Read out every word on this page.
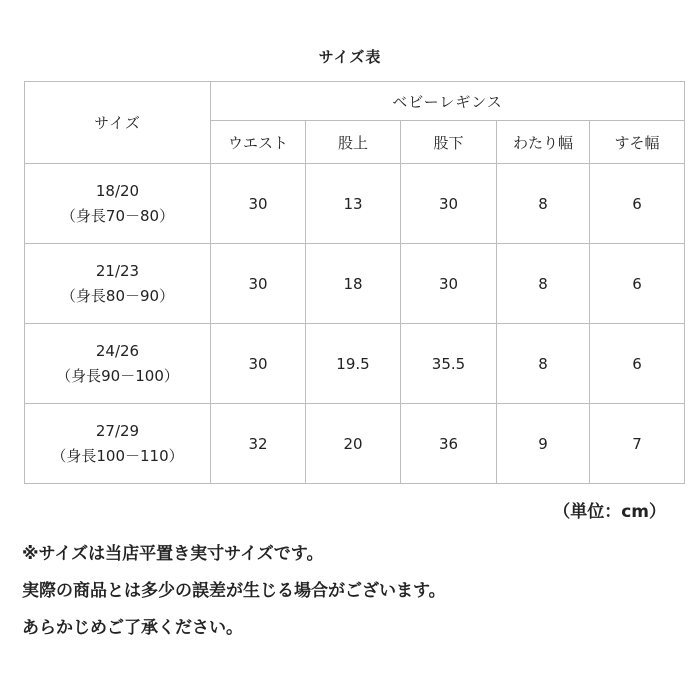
サイズ表
サイズ	ベビーレギンス				
	ウエスト	股上	股下	わたり幅	すそ幅

18/20
（身長70－80）	30	13	30	8	6

21/23
（身長80－90）	30	18	30	8	6

24/26
（身長90－100）	30	19.5	35.5	8	6

27/29
（身長100－110）	32	20	36	9	7
（単位：cm）
※サイズは当店平置き実寸サイズです。
実際の商品とは多少の誤差が生じる場合がございます。
あらかじめご了承ください。
